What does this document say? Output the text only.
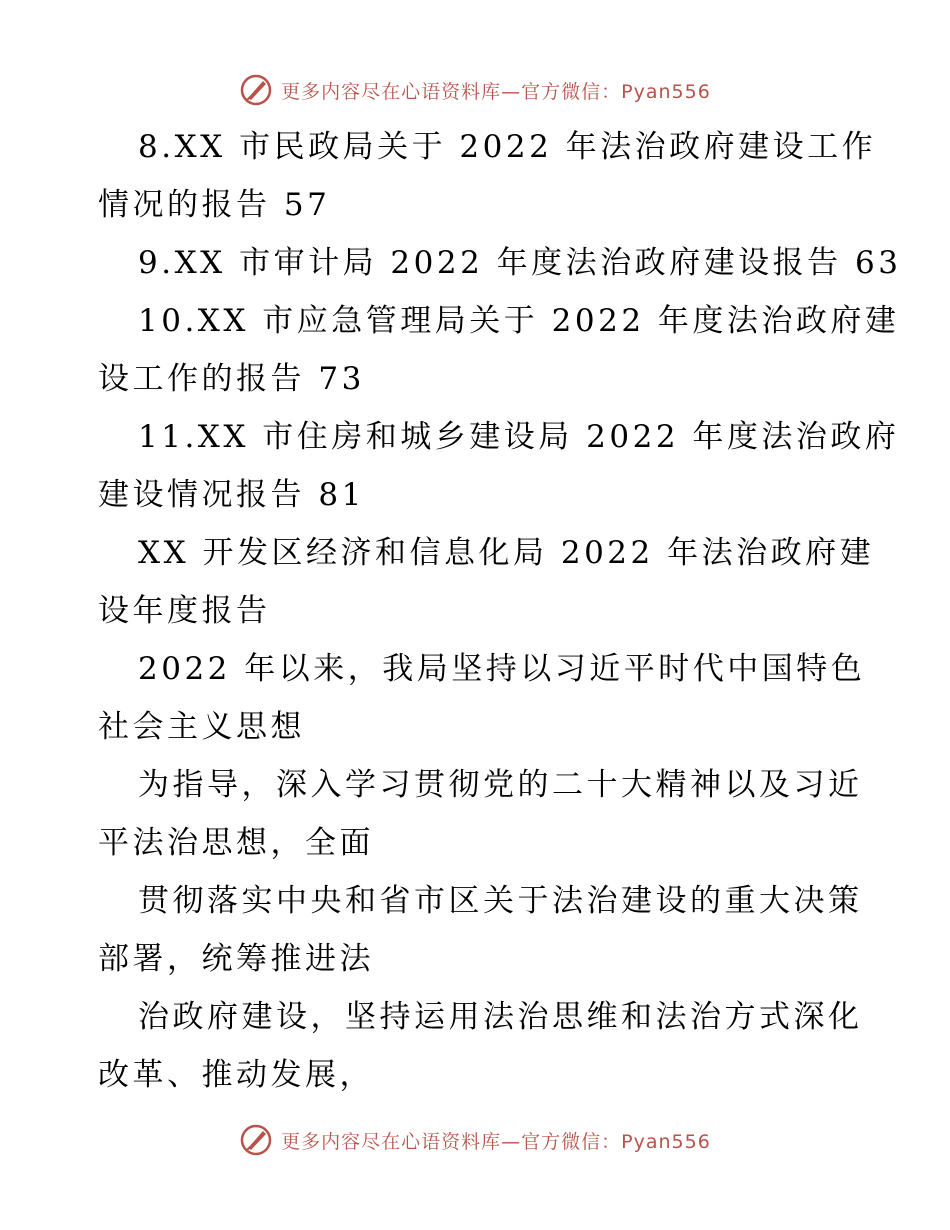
更多内容尽在心语资料库—官方微信：Pyan556
8.XX 市民政局关于 2022 年法治政府建设工作
情况的报告 57
9.XX 市审计局 2022 年度法治政府建设报告 63
10.XX 市应急管理局关于 2022 年度法治政府建
设工作的报告 73
11.XX 市住房和城乡建设局 2022 年度法治政府
建设情况报告 81
XX 开发区经济和信息化局 2022 年法治政府建
设年度报告
2022 年以来，我局坚持以习近平时代中国特色
社会主义思想
为指导，深入学习贯彻党的二十大精神以及习近
平法治思想，全面
贯彻落实中央和省市区关于法治建设的重大决策
部署，统筹推进法
治政府建设，坚持运用法治思维和法治方式深化
改革、推动发展，
更多内容尽在心语资料库—官方微信：Pyan556
